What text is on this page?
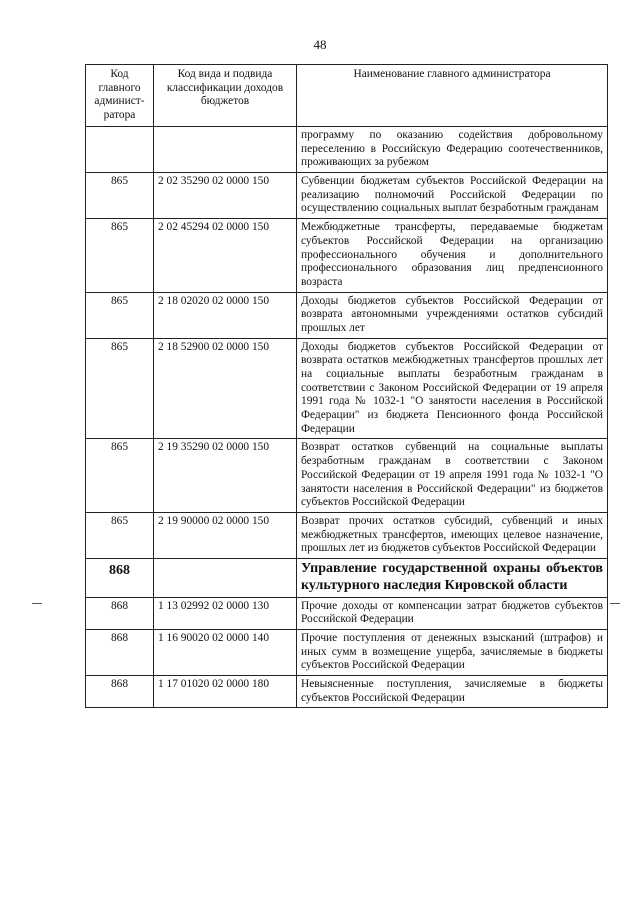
48
Код главного админист-ратора	Код вида и подвида классификации доходов бюджетов	Наименование главного администратора
		программу по оказанию содействия добровольному переселению в Российскую Федерацию соотечественников, проживающих за рубежом
865	2 02 35290 02 0000 150	Субвенции бюджетам субъектов Российской Федерации на реализацию полномочий Российской Федерации по осуществлению социальных выплат безработным гражданам
865	2 02 45294 02 0000 150	Межбюджетные трансферты, передаваемые бюджетам субъектов Российской Федерации на организацию профессионального обучения и дополнительного профессионального образования лиц предпенсионного возраста
865	2 18 02020 02 0000 150	Доходы бюджетов субъектов Российской Федерации от возврата автономными учреждениями остатков субсидий прошлых лет
865	2 18 52900 02 0000 150	Доходы бюджетов субъектов Российской Федерации от возврата остатков межбюджетных трансфертов прошлых лет на социальные выплаты безработным гражданам в соответствии с Законом Российской Федерации от 19 апреля 1991 года № 1032-1 "О занятости населения в Российской Федерации" из бюджета Пенсионного фонда Российской Федерации
865	2 19 35290 02 0000 150	Возврат остатков субвенций на социальные выплаты безработным гражданам в соответствии с Законом Российской Федерации от 19 апреля 1991 года № 1032-1 "О занятости населения в Российской Федерации" из бюджетов субъектов Российской Федерации
865	2 19 90000 02 0000 150	Возврат прочих остатков субсидий, субвенций и иных межбюджетных трансфертов, имеющих целевое назначение, прошлых лет из бюджетов субъектов Российской Федерации
868		Управление государственной охраны объектов культурного наследия Кировской области
868	1 13 02992 02 0000 130	Прочие доходы от компенсации затрат бюджетов субъектов Российской Федерации
868	1 16 90020 02 0000 140	Прочие поступления от денежных взысканий (штрафов) и иных сумм в возмещение ущерба, зачисляемые в бюджеты субъектов Российской Федерации
868	1 17 01020 02 0000 180	Невыясненные поступления, зачисляемые в бюджеты субъектов Российской Федерации
